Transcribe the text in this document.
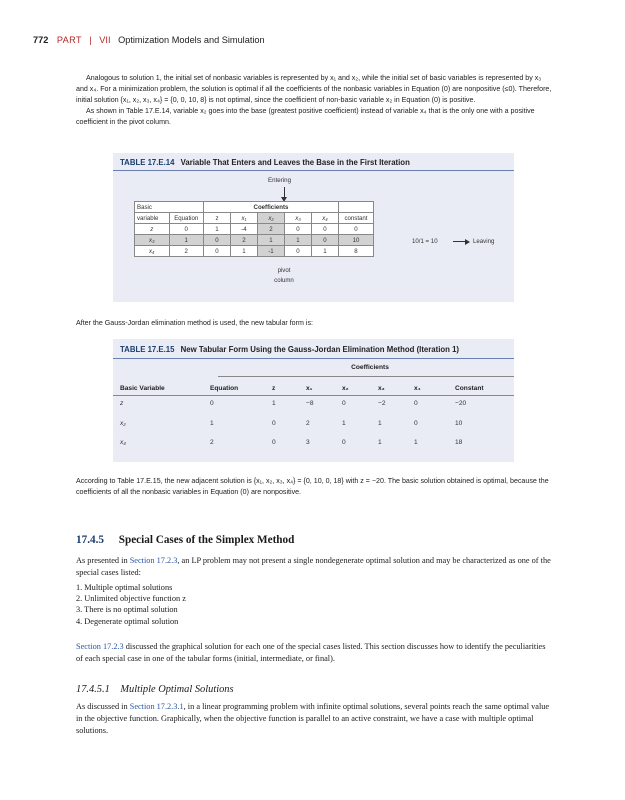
772 PART | VII Optimization Models and Simulation

Analogous to solution 1, the initial set of nonbasic variables is represented by x₁ and x₂, while the initial set of basic variables is represented by x₃ and x₄. For a minimization problem, the solution is optimal if all the coefficients of the nonbasic variables in Equation (0) are nonpositive (≤0). Therefore, initial solution {x₁, x₂, x₃, x₄} = {0, 0, 10, 8} is not optimal, since the coefficient of non-basic variable x₂ in Equation (0) is positive.

As shown in Table 17.E.14, variable x₂ goes into the base (greatest positive coefficient) instead of variable x₄ that is the only one with a positive coefficient in the pivot column.

TABLE 17.E.14 Variable That Enters and Leaves the Base in the First Iteration
Entering
Basic		Coefficients					
variable	Equation	z	x₁	x₂	x₃	x₄	constant
z	0	1	-4	2	0	0	0
x₃	1	0	2	1	1	0	10
x₄	2	0	1	-1	0	1	8
10/1 = 10	Leaving
pivot
column
After the Gauss-Jordan elimination method is used, the new tabular form is:
TABLE 17.E.15 New Tabular Form Using the Gauss-Jordan Elimination Method (Iteration 1)
Coefficients
Basic Variable	Equation	z	x₁	x₂	x₃	x₄	Constant
z	0	1	−8	0	−2	0	−20
x₂	1	0	2	1	1	0	10
x₄	2	0	3	0	1	1	18
According to Table 17.E.15, the new adjacent solution is {x₁, x₂, x₃, x₄} = {0, 10, 0, 18} with z = −20. The basic solution obtained is optimal, because the coefficients of all the nonbasic variables in Equation (0) are nonpositive.
17.4.5 Special Cases of the Simplex Method

As presented in Section 17.2.3, an LP problem may not present a single nondegenerate optimal solution and may be characterized as one of the special cases listed:

1. Multiple optimal solutions
2. Unlimited objective function z
3. There is no optimal solution
4. Degenerate optimal solution

Section 17.2.3 discussed the graphical solution for each one of the special cases listed. This section discusses how to identify the peculiarities of each special case in one of the tabular forms (initial, intermediate, or final).

17.4.5.1 Multiple Optimal Solutions

As discussed in Section 17.2.3.1, in a linear programming problem with infinite optimal solutions, several points reach the same optimal value in the objective function. Graphically, when the objective function is parallel to an active constraint, we have a case with multiple optimal solutions.
